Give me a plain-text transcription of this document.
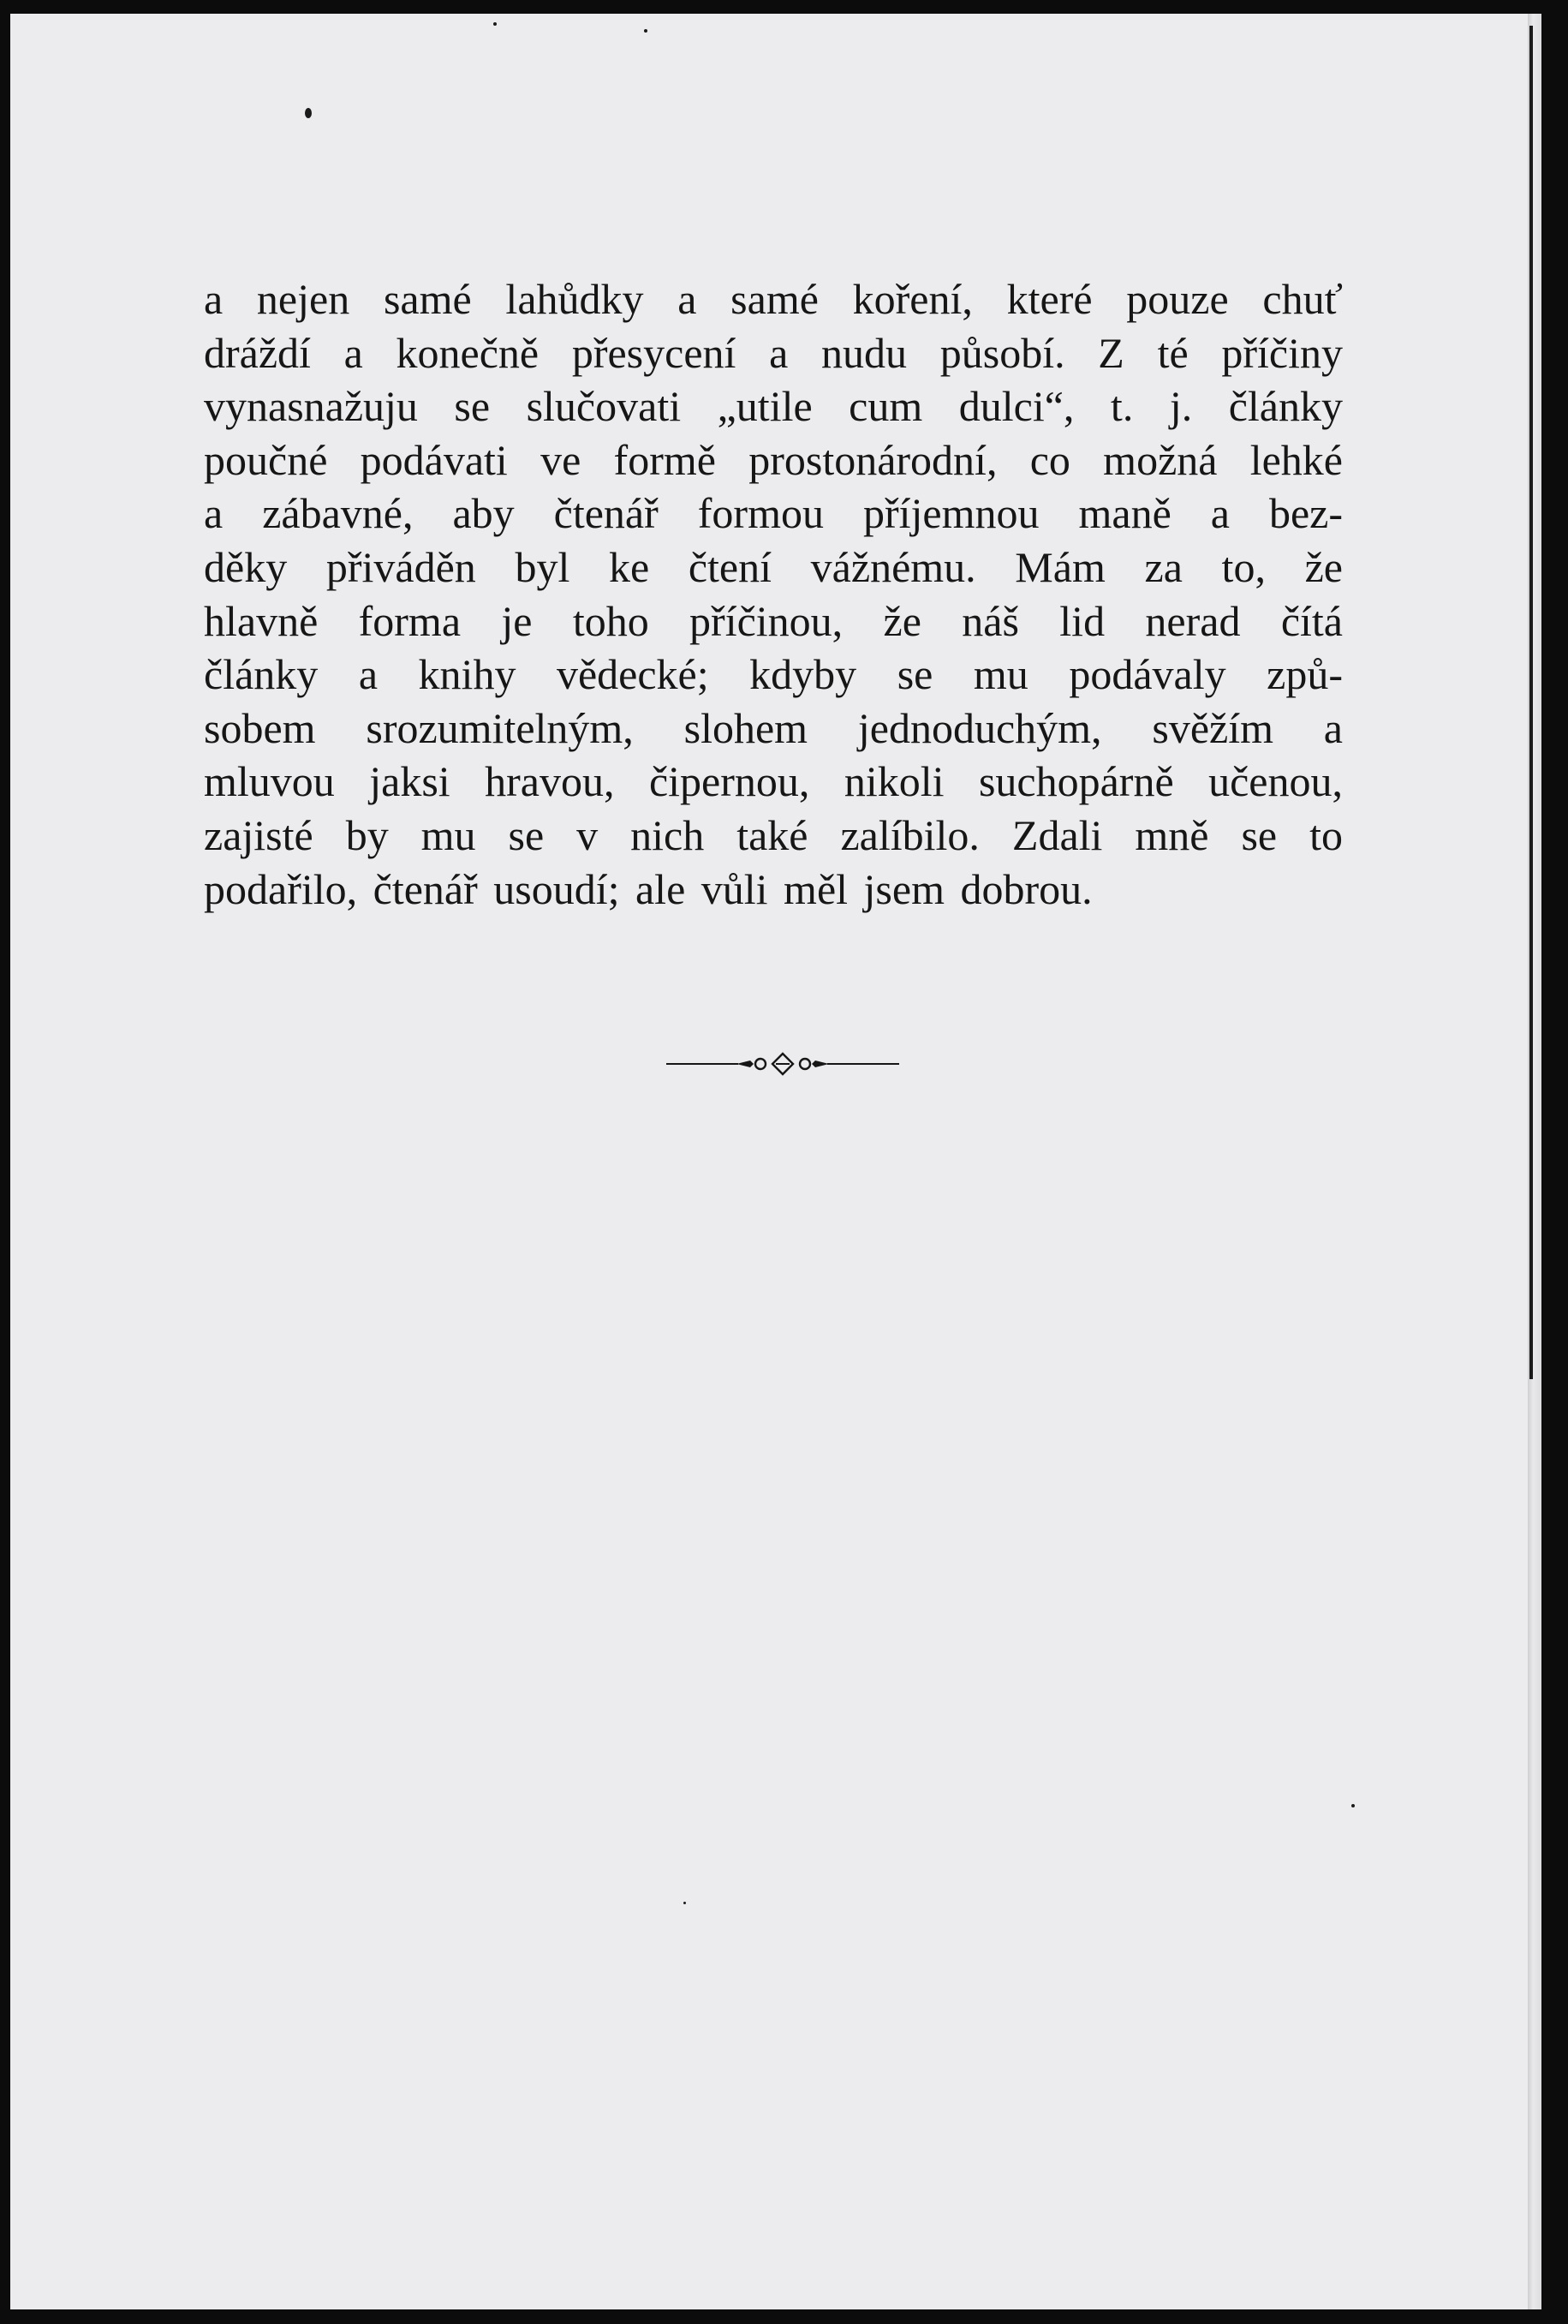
a nejen samé lahůdky a samé koření, které pouze chuť
dráždí a konečně přesycení a nudu působí. Z té příčiny
vynasnažuju se slučovati „utile cum dulci“, t. j. články
poučné podávati ve formě prostonárodní, co možná lehké
a zábavné, aby čtenář formou příjemnou maně a bez-
děky přiváděn byl ke čtení vážnému. Mám za to, že
hlavně forma je toho příčinou, že náš lid nerad čítá
články a knihy vědecké; kdyby se mu podávaly způ-
sobem srozumitelným, slohem jednoduchým, svěžím a
mluvou jaksi hravou, čipernou, nikoli suchopárně učenou,
zajisté by mu se v nich také zalíbilo. Zdali mně se to
podařilo, čtenář usoudí; ale vůli měl jsem dobrou.
